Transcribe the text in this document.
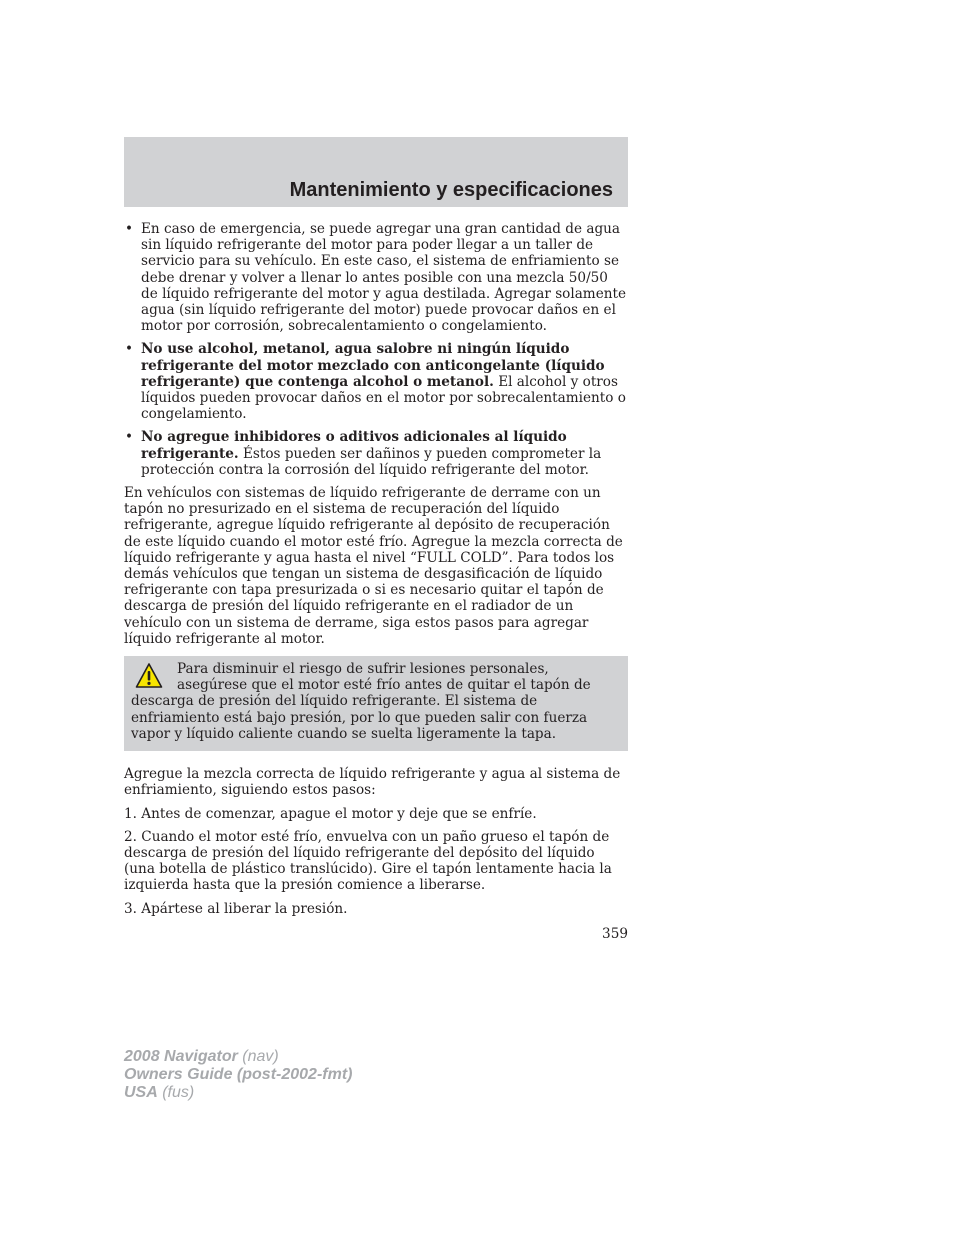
Mantenimiento y especificaciones
• En caso de emergencia, se puede agregar una gran cantidad de agua sin líquido refrigerante del motor para poder llegar a un taller de servicio para su vehículo. En este caso, el sistema de enfriamiento se debe drenar y volver a llenar lo antes posible con una mezcla 50/50 de líquido refrigerante del motor y agua destilada. Agregar solamente agua (sin líquido refrigerante del motor) puede provocar daños en el motor por corrosión, sobrecalentamiento o congelamiento.
• No use alcohol, metanol, agua salobre ni ningún líquido refrigerante del motor mezclado con anticongelante (líquido refrigerante) que contenga alcohol o metanol. El alcohol y otros líquidos pueden provocar daños en el motor por sobrecalentamiento o congelamiento.
• No agregue inhibidores o aditivos adicionales al líquido refrigerante. Éstos pueden ser dañinos y pueden comprometer la protección contra la corrosión del líquido refrigerante del motor.

En vehículos con sistemas de líquido refrigerante de derrame con un tapón no presurizado en el sistema de recuperación del líquido refrigerante, agregue líquido refrigerante al depósito de recuperación de este líquido cuando el motor esté frío. Agregue la mezcla correcta de líquido refrigerante y agua hasta el nivel “FULL COLD”. Para todos los demás vehículos que tengan un sistema de desgasificación de líquido refrigerante con tapa presurizada o si es necesario quitar el tapón de descarga de presión del líquido refrigerante en el radiador de un vehículo con un sistema de derrame, siga estos pasos para agregar líquido refrigerante al motor.

Para disminuir el riesgo de sufrir lesiones personales, asegúrese que el motor esté frío antes de quitar el tapón de descarga de presión del líquido refrigerante. El sistema de enfriamiento está bajo presión, por lo que pueden salir con fuerza vapor y líquido caliente cuando se suelta ligeramente la tapa.

Agregue la mezcla correcta de líquido refrigerante y agua al sistema de enfriamiento, siguiendo estos pasos:

1. Antes de comenzar, apague el motor y deje que se enfríe.

2. Cuando el motor esté frío, envuelva con un paño grueso el tapón de descarga de presión del líquido refrigerante del depósito del líquido (una botella de plástico translúcido). Gire el tapón lentamente hacia la izquierda hasta que la presión comience a liberarse.

3. Apártese al liberar la presión.

359
2008 Navigator (nav)
Owners Guide (post-2002-fmt)
USA (fus)
